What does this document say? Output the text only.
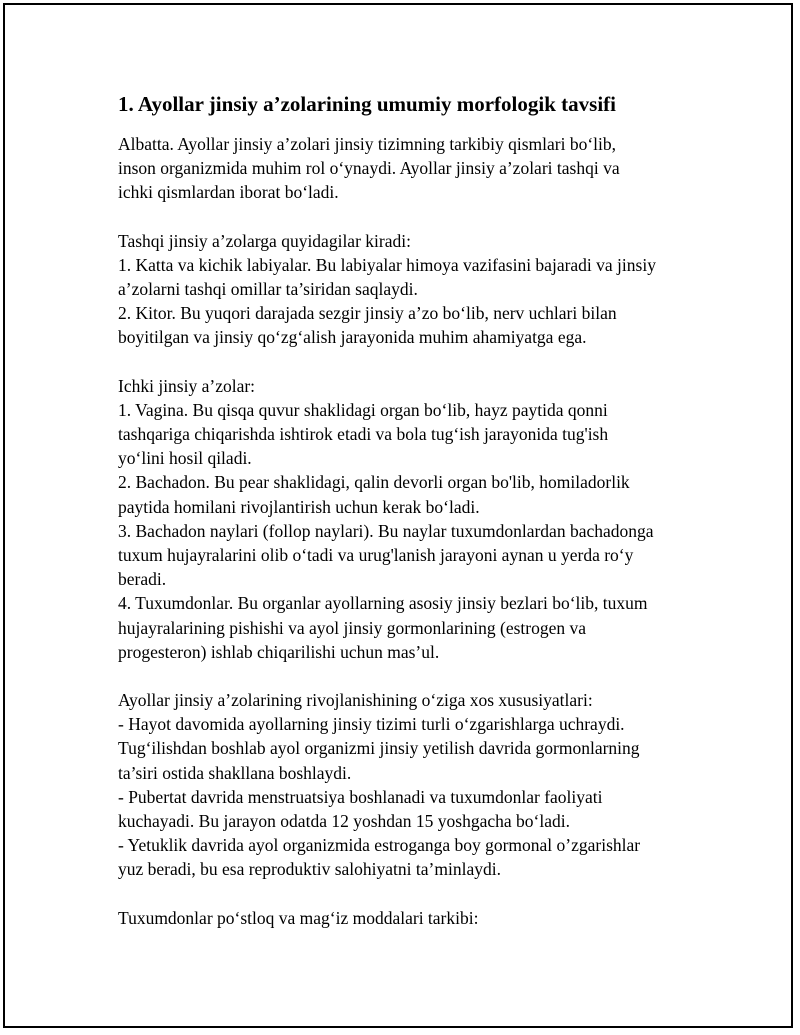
1. Ayollar jinsiy a’zolarining umumiy morfologik tavsifi

Albatta. Ayollar jinsiy a’zolari jinsiy tizimning tarkibiy qismlari bo‘lib,

inson organizmida muhim rol o‘ynaydi. Ayollar jinsiy a’zolari tashqi va

ichki qismlardan iborat bo‘ladi.

Tashqi jinsiy a’zolarga quyidagilar kiradi:

1. Katta va kichik labiyalar. Bu labiyalar himoya vazifasini bajaradi va jinsiy

a’zolarni tashqi omillar ta’siridan saqlaydi.

2. Kitor. Bu yuqori darajada sezgir jinsiy a’zo bo‘lib, nerv uchlari bilan

boyitilgan va jinsiy qo‘zg‘alish jarayonida muhim ahamiyatga ega.

Ichki jinsiy a’zolar:

1. Vagina. Bu qisqa quvur shaklidagi organ bo‘lib, hayz paytida qonni

tashqariga chiqarishda ishtirok etadi va bola tug‘ish jarayonida tug'ish

yo‘lini hosil qiladi.

2. Bachadon. Bu pear shaklidagi, qalin devorli organ bo'lib, homiladorlik

paytida homilani rivojlantirish uchun kerak bo‘ladi.

3. Bachadon naylari (follop naylari). Bu naylar tuxumdonlardan bachadonga

tuxum hujayralarini olib o‘tadi va urug'lanish jarayoni aynan u yerda ro‘y

beradi.

4. Tuxumdonlar. Bu organlar ayollarning asosiy jinsiy bezlari bo‘lib, tuxum

hujayralarining pishishi va ayol jinsiy gormonlarining (estrogen va

progesteron) ishlab chiqarilishi uchun mas’ul.

Ayollar jinsiy a’zolarining rivojlanishining o‘ziga xos xususiyatlari:

- Hayot davomida ayollarning jinsiy tizimi turli o‘zgarishlarga uchraydi.

Tug‘ilishdan boshlab ayol organizmi jinsiy yetilish davrida gormonlarning

ta’siri ostida shakllana boshlaydi.

- Pubertat davrida menstruatsiya boshlanadi va tuxumdonlar faoliyati

kuchayadi. Bu jarayon odatda 12 yoshdan 15 yoshgacha bo‘ladi.

- Yetuklik davrida ayol organizmida estroganga boy gormonal o’zgarishlar

yuz beradi, bu esa reproduktiv salohiyatni ta’minlaydi.

Tuxumdonlar po‘stloq va mag‘iz moddalari tarkibi:
